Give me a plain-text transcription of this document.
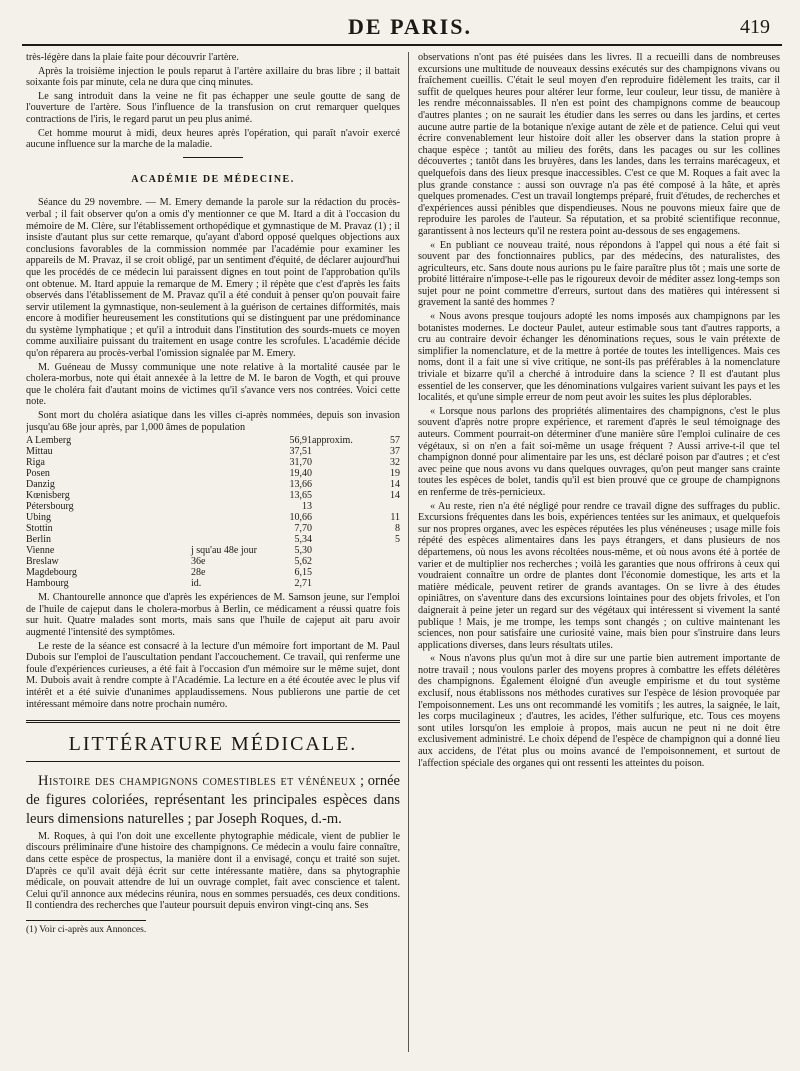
DE PARIS.	419

très-légère dans la plaie faite pour découvrir l'artère.

Après la troisième injection le pouls reparut à l'artère axillaire du bras libre ; il battait soixante fois par minute, cela ne dura que cinq minutes.

Le sang introduit dans la veine ne fit pas échapper une seule goutte de sang de l'ouverture de l'artère. Sous l'influence de la transfusion on crut remarquer quelques contractions de l'iris, le regard parut un peu plus animé.

Cet homme mourut à midi, deux heures après l'opération, qui paraît n'avoir exercé aucune influence sur la marche de la maladie.

ACADÉMIE DE MÉDECINE.

Séance du 29 novembre. — M. Emery demande la parole sur la rédaction du procès-verbal ; il fait observer qu'on a omis d'y mentionner ce que M. Itard a dit à l'occasion du mémoire de M. Clère, sur l'établissement orthopédique et gymnastique de M. Pravaz (1) ; il insiste d'autant plus sur cette remarque, qu'ayant d'abord opposé quelques objections aux conclusions favorables de la commission nommée par l'académie pour examiner les appareils de M. Pravaz, il se croit obligé, par un sentiment d'équité, de déclarer aujourd'hui que les procédés de ce médecin lui paraissent dignes en tout point de l'approbation qu'ils ont obtenue. M. Itard appuie la remarque de M. Emery ; il répète que c'est d'après les faits observés dans l'établissement de M. Pravaz qu'il a été conduit à penser qu'on pouvait faire servir utilement la gymnastique, non-seulement à la guérison de certaines difformités, mais encore à modifier heureusement les constitutions qui se distinguent par une prédominance du système lymphatique ; et qu'il a introduit dans l'institution des sourds-muets ce moyen comme auxiliaire puissant du traitement en usage contre les scrofules. L'académie décide qu'on réparera au procès-verbal l'omission signalée par M. Emery.

M. Guéneau de Mussy communique une note relative à la mortalité causée par le cholera-morbus, note qui était annexée à la lettre de M. le baron de Vogth, et qui prouve que le choléra fait d'autant moins de victimes qu'il s'avance vers nos contrées. Voici cette note.

Sont mort du choléra asiatique dans les villes ci-après nommées, depuis son invasion jusqu'au 68e jour après, par 1,000 âmes de population

A Lemberg		56,91	approxim.	57
Mittau		37,51		37
Riga		31,70		32
Posen		19,40		19
Danzig		13,66		14
Kœnisberg		13,65		14
Pétersbourg		13		
Ubing		10,66		11
Stottin		7,70		8
Berlin		5,34		5
Vienne	j squ'au 48e jour	5,30		
Breslaw	36e	5,62		
Magdebourg	28e	6,15		
Hambourg	id.	2,71		

M. Chantourelle annonce que d'après les expériences de M. Samson jeune, sur l'emploi de l'huile de cajeput dans le cholera-morbus à Berlin, ce médicament a réussi quatre fois sur huit. Quatre malades sont morts, mais sans que l'huile de cajeput ait paru avoir augmenté l'intensité des symptômes.

Le reste de la séance est consacré à la lecture d'un mémoire fort important de M. Paul Dubois sur l'emploi de l'auscultation pendant l'accouchement. Ce travail, qui renferme une foule d'expériences curieuses, a été fait à l'occasion d'un mémoire sur le même sujet, dont M. Dubois avait à rendre compte à l'Académie. La lecture en a été écoutée avec le plus vif intérêt et a été suivie d'unanimes applaudissemens. Nous publierons une partie de cet intéressant mémoire dans notre prochain numéro.

LITTÉRATURE MÉDICALE.

Histoire des champignons comestibles et vénéneux ; ornée de figures coloriées, représentant les principales espèces dans leurs dimensions naturelles ; par Joseph Roques, d.-m.

M. Roques, à qui l'on doit une excellente phytographie médicale, vient de publier le discours préliminaire d'une histoire des champignons. Ce médecin a voulu faire connaître, dans cette espèce de prospectus, la manière dont il a envisagé, conçu et traité son sujet. D'après ce qu'il avait déjà écrit sur cette intéressante matière, dans sa phytographie médicale, on pouvait attendre de lui un ouvrage complet, fait avec conscience et talent. Celui qu'il annonce aux médecins réunira, nous en sommes persuadés, ces deux conditions. Il contiendra des recherches que l'auteur poursuit depuis environ vingt-cinq ans. Ses

(1) Voir ci-après aux Annonces.

observations n'ont pas été puisées dans les livres. Il a recueilli dans de nombreuses excursions une multitude de nouveaux dessins exécutés sur des champignons vivans ou fraîchement cueillis. C'était le seul moyen d'en reproduire fidèlement les traits, car il suffit de quelques heures pour altérer leur forme, leur couleur, leur tissu, de manière à les rendre méconnaissables. Il n'en est point des champignons comme de beaucoup d'autres plantes ; on ne saurait les étudier dans les serres ou dans les jardins, et certes aucune autre partie de la botanique n'exige autant de zèle et de patience. Celui qui veut écrire convenablement leur histoire doit aller les observer dans la station propre à chaque espèce ; tantôt au milieu des forêts, dans les pacages ou sur les collines découvertes ; tantôt dans les bruyères, dans les landes, dans les terrains marécageux, et quelquefois dans des lieux presque inaccessibles. C'est ce que M. Roques a fait avec la plus grande constance : aussi son ouvrage n'a pas été composé à la hâte, et après quelques promenades. C'est un travail longtemps préparé, fruit d'études, de recherches et d'expériences aussi pénibles que dispendieuses. Nous ne pouvons mieux faire que de reproduire les paroles de l'auteur. Sa réputation, et sa probité scientifique reconnue, garantissent à nos lecteurs qu'il ne restera point au-dessous de ses engagemens.

« En publiant ce nouveau traité, nous répondons à l'appel qui nous a été fait si souvent par des fonctionnaires publics, par des médecins, des naturalistes, des agriculteurs, etc. Sans doute nous aurions pu le faire paraître plus tôt ; mais une sorte de probité littéraire n'impose-t-elle pas le rigoureux devoir de méditer assez long-temps son sujet pour ne point commettre d'erreurs, surtout dans des matières qui intéressent si gravement la santé des hommes ?

« Nous avons presque toujours adopté les noms imposés aux champignons par les botanistes modernes. Le docteur Paulet, auteur estimable sous tant d'autres rapports, a cru au contraire devoir échanger les dénominations reçues, sous le vain prétexte de simplifier la nomenclature, et de la mettre à portée de toutes les intelligences. Mais ces noms, dont il a fait une si vive critique, ne sont-ils pas préférables à la nomenclature triviale et bizarre qu'il a cherché à introduire dans la science ? Il est d'autant plus essentiel de les conserver, que les dénominations vulgaires varient suivant les pays et les localités, et qu'une simple erreur de nom peut avoir les suites les plus déplorables.

« Lorsque nous parlons des propriétés alimentaires des champignons, c'est le plus souvent d'après notre propre expérience, et rarement d'après le seul témoignage des auteurs. Comment pourrait-on déterminer d'une manière sûre l'emploi culinaire de ces végétaux, si on n'en a fait soi-même un usage fréquent ? Aussi arrive-t-il que tel champignon donné pour alimentaire par les uns, est déclaré poison par d'autres ; et c'est avec peine que nous avons vu dans quelques ouvrages, qu'on peut manger sans crainte toutes les espèces de bolet, tandis qu'il est bien prouvé que ce groupe de champignons en renferme de très-pernicieux.

« Au reste, rien n'a été négligé pour rendre ce travail digne des suffrages du public. Excursions fréquentes dans les bois, expériences tentées sur les animaux, et quelquefois sur nos propres organes, avec les espèces réputées les plus vénéneuses ; usage mille fois répété des espèces alimentaires dans les pays étrangers, et dans plusieurs de nos départemens, où nous les avons récoltées nous-même, et où nous avons été à portée de varier et de multiplier nos recherches ; voilà les garanties que nous offrirons à ceux qui voudraient connaître un ordre de plantes dont l'économie domestique, les arts et la matière médicale, peuvent retirer de grands avantages. On se livre à des études opiniâtres, on s'aventure dans des excursions lointaines pour des objets frivoles, et l'on daignerait à peine jeter un regard sur des végétaux qui intéressent si vivement la santé publique ! Mais, je me trompe, les temps sont changés ; on cultive maintenant les sciences, non pour satisfaire une curiosité vaine, mais bien pour s'instruire dans leurs applications diverses, dans leurs résultats utiles.

« Nous n'avons plus qu'un mot à dire sur une partie bien autrement importante de notre travail ; nous voulons parler des moyens propres à combattre les effets délétères des champignons. Également éloigné d'un aveugle empirisme et du tout système exclusif, nous établissons nos méthodes curatives sur l'espèce de lésion provoquée par l'empoisonnement. Les uns ont recommandé les vomitifs ; les autres, la saignée, le lait, les corps mucilagineux ; d'autres, les acides, l'éther sulfurique, etc. Tous ces moyens sont utiles lorsqu'on les emploie à propos, mais aucun ne peut ni ne doit être exclusivement administré. Le choix dépend de l'espèce de champignon qui a donné lieu aux accidens, de l'état plus ou moins avancé de l'empoisonnement, et surtout de l'affection spéciale des organes qui ont ressenti les atteintes du poison.
